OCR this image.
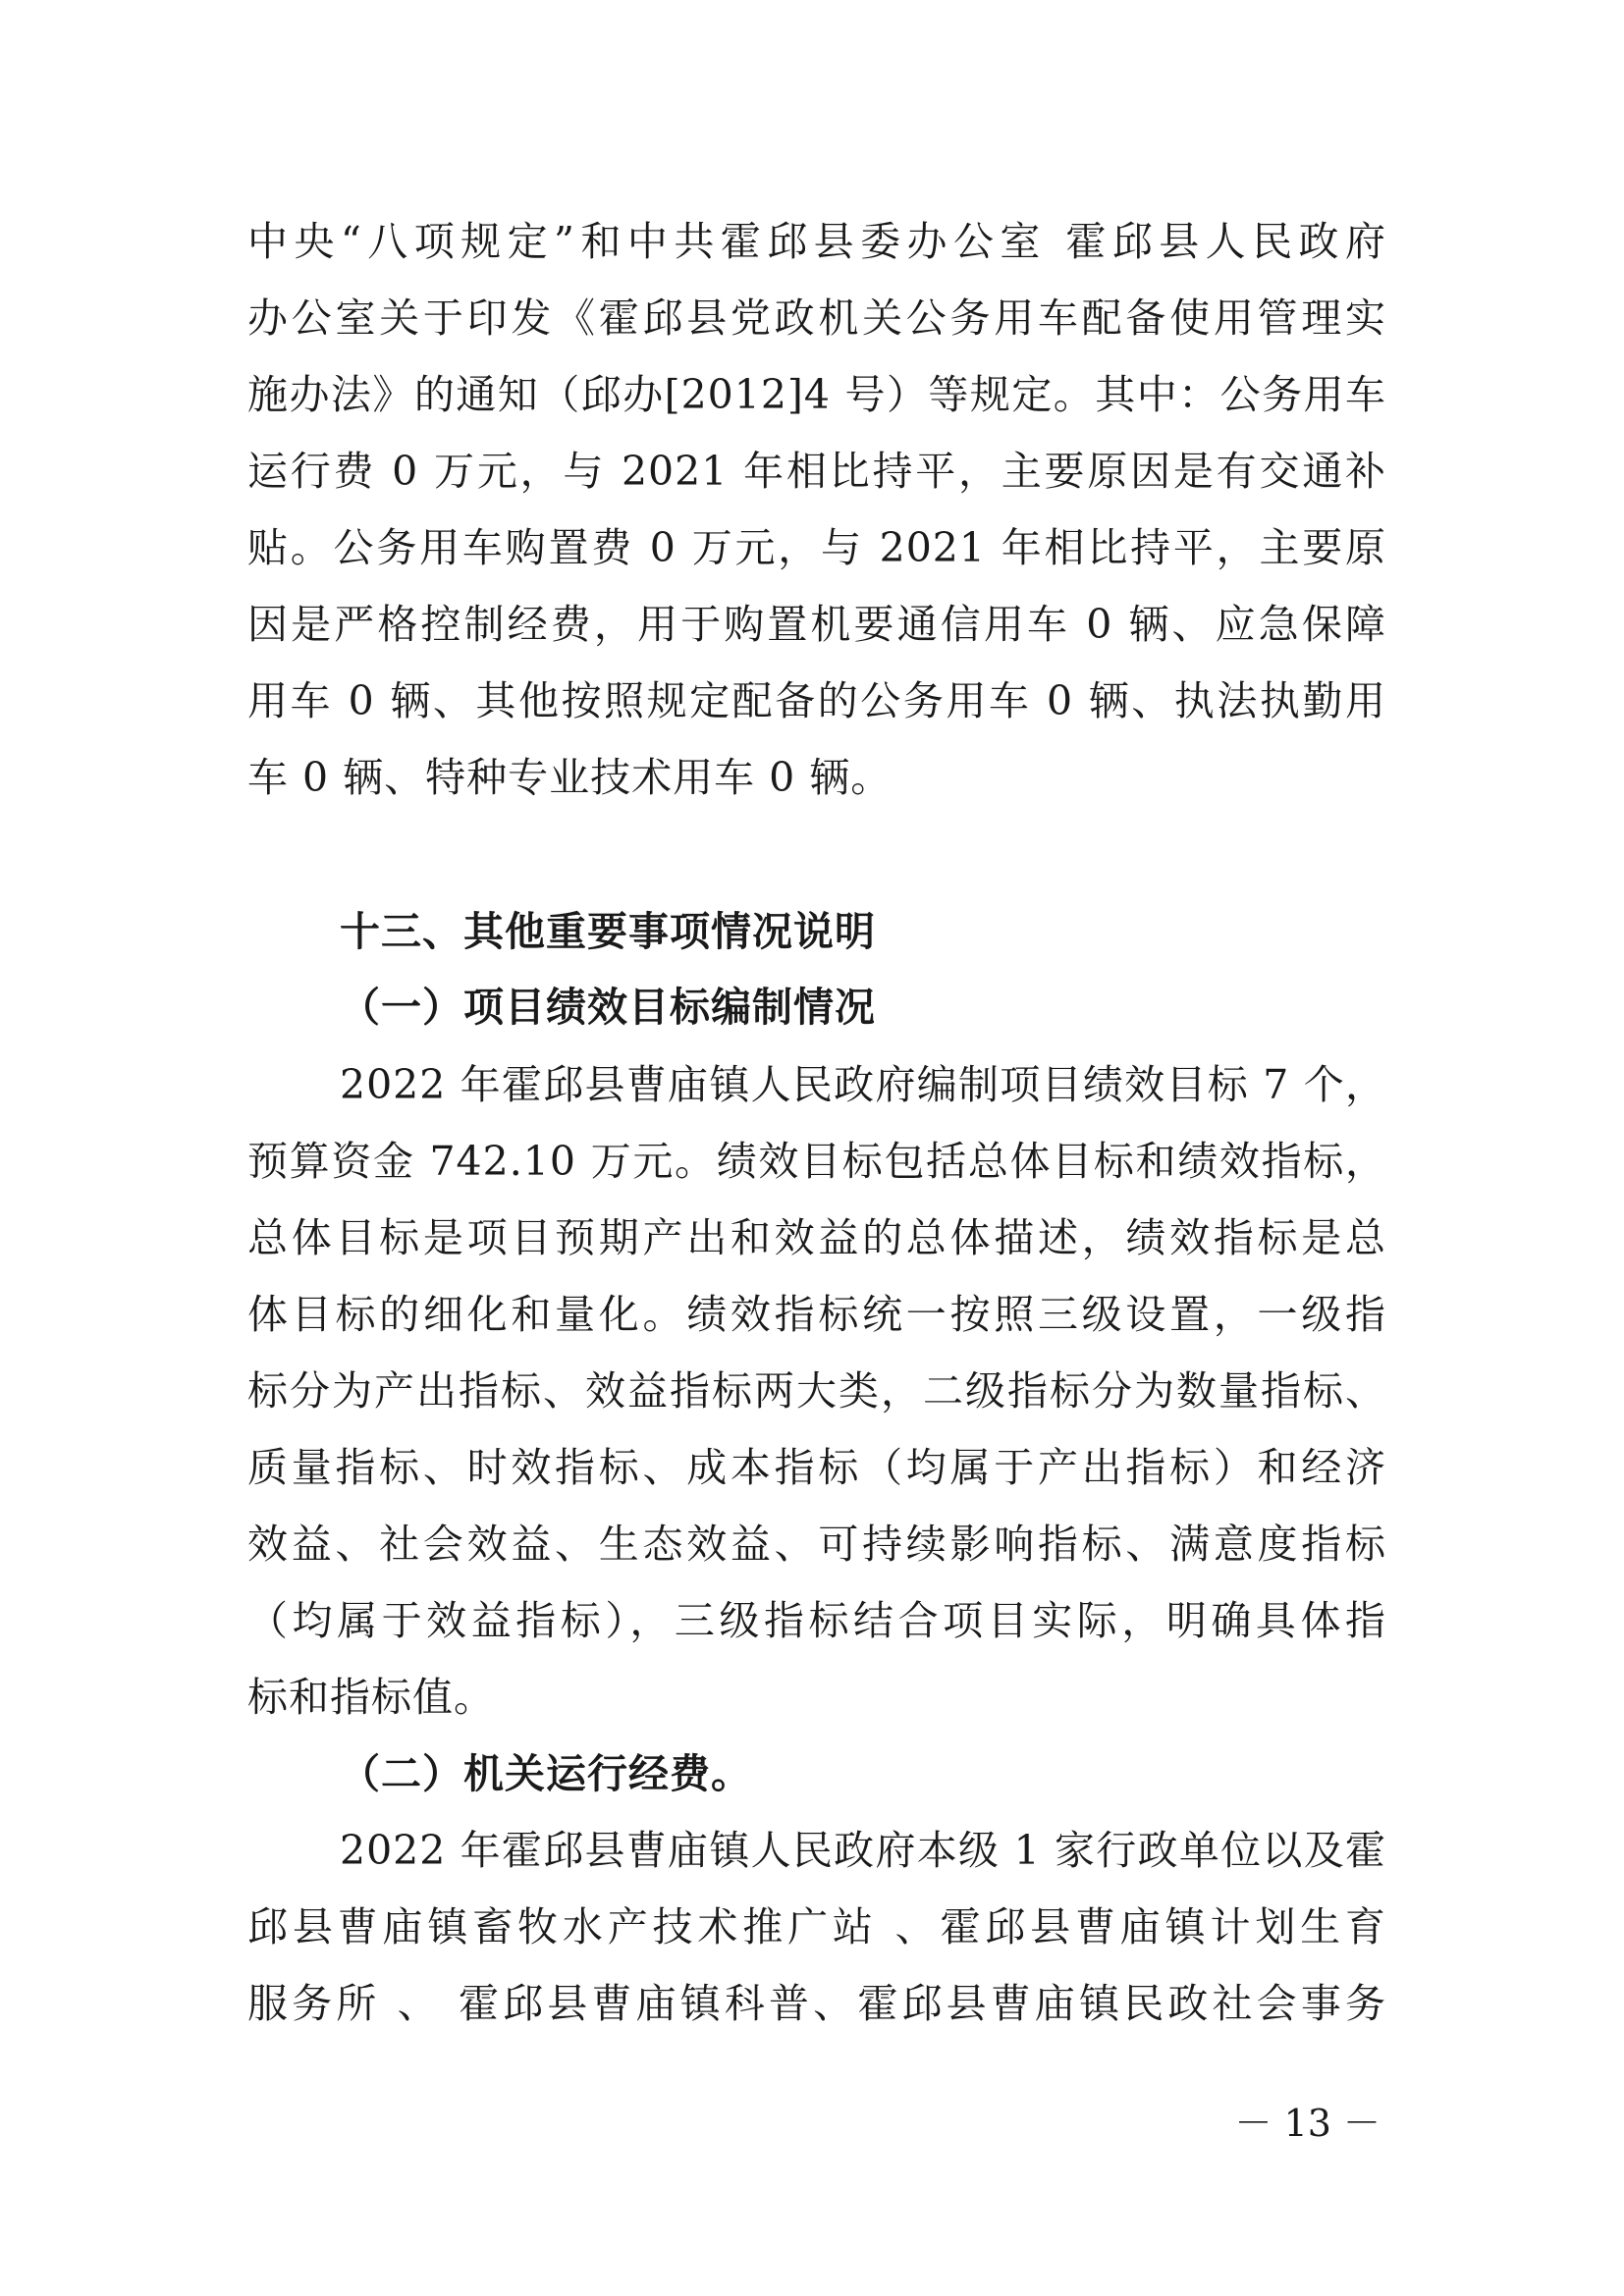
中央“八项规定”和中共霍邱县委办公室 霍邱县人民政府
办公室关于印发《霍邱县党政机关公务用车配备使用管理实
施办法》的通知（邱办[2012]4 号）等规定。其中：公务用车
运行费 0 万元，与 2021 年相比持平，主要原因是有交通补
贴。公务用车购置费 0 万元，与 2021 年相比持平，主要原
因是严格控制经费，用于购置机要通信用车 0 辆、应急保障
用车 0 辆、其他按照规定配备的公务用车 0 辆、执法执勤用
车 0 辆、特种专业技术用车 0 辆。
十三、其他重要事项情况说明
（一）项目绩效目标编制情况
2022 年霍邱县曹庙镇人民政府编制项目绩效目标 7 个，
预算资金 742.10 万元。绩效目标包括总体目标和绩效指标，
总体目标是项目预期产出和效益的总体描述，绩效指标是总
体目标的细化和量化。绩效指标统一按照三级设置，一级指
标分为产出指标、效益指标两大类，二级指标分为数量指标、
质量指标、时效指标、成本指标（均属于产出指标）和经济
效益、社会效益、生态效益、可持续影响指标、满意度指标
（均属于效益指标），三级指标结合项目实际，明确具体指
标和指标值。
（二）机关运行经费。
2022 年霍邱县曹庙镇人民政府本级 1 家行政单位以及霍
邱县曹庙镇畜牧水产技术推广站 、霍邱县曹庙镇计划生育
服务所 、 霍邱县曹庙镇科普、霍邱县曹庙镇民政社会事务
－ 13 －
